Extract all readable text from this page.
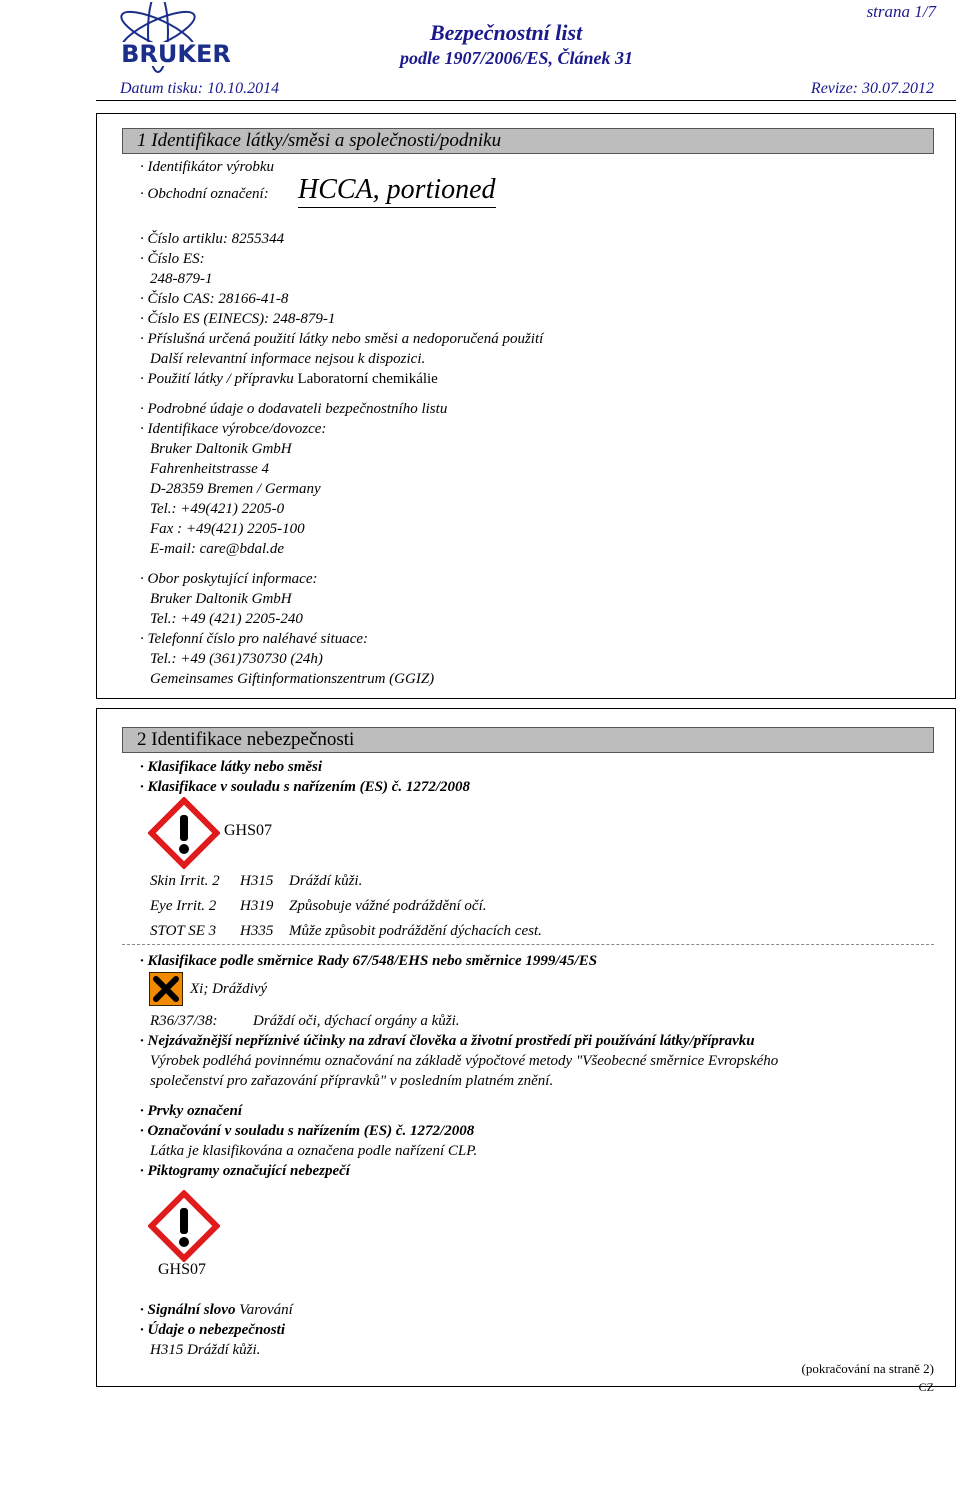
BRUKER
Bezpečnostní list
podle 1907/2006/ES, Článek 31
strana 1/7
Datum tisku: 10.10.2014	Revize: 30.07.2012
1 Identifikace látky/směsi a společnosti/podniku
· Identifikátor výrobku
· Obchodní označení: HCCA, portioned
· Číslo artiklu: 8255344
· Číslo ES:
248-879-1
· Číslo CAS: 28166-41-8
· Číslo ES (EINECS): 248-879-1
· Příslušná určená použití látky nebo směsi a nedoporučená použití
Další relevantní informace nejsou k dispozici.
· Použití látky / přípravku Laboratorní chemikálie
· Podrobné údaje o dodavateli bezpečnostního listu
· Identifikace výrobce/dovozce:
Bruker Daltonik GmbH
Fahrenheitstrasse 4
D-28359 Bremen / Germany
Tel.: +49(421) 2205-0
Fax : +49(421) 2205-100
E-mail: care@bdal.de
· Obor poskytující informace:
Bruker Daltonik GmbH
Tel.: +49 (421) 2205-240
· Telefonní číslo pro naléhavé situace:
Tel.: +49 (361)730730 (24h)
Gemeinsames Giftinformationszentrum (GGIZ)
2 Identifikace nebezpečnosti
· Klasifikace látky nebo směsi
· Klasifikace v souladu s nařízením (ES) č. 1272/2008
GHS07
Skin Irrit. 2 H315 Dráždí kůži.
Eye Irrit. 2 H319 Způsobuje vážné podráždění očí.
STOT SE 3 H335 Může způsobit podráždění dýchacích cest.
· Klasifikace podle směrnice Rady 67/548/EHS nebo směrnice 1999/45/ES
Xi; Dráždivý
R36/37/38: Dráždí oči, dýchací orgány a kůži.
· Nejzávažnější nepříznivé účinky na zdraví člověka a životní prostředí při používání látky/přípravku
Výrobek podléhá povinnému označování na základě výpočtové metody "Všeobecné směrnice Evropského
společenství pro zařazování přípravků" v posledním platném znění.
· Prvky označení
· Označování v souladu s nařízením (ES) č. 1272/2008
Látka je klasifikována a označena podle nařízení CLP.
· Piktogramy označující nebezpečí
GHS07
· Signální slovo Varování
· Údaje o nebezpečnosti
H315 Dráždí kůži.
(pokračování na straně 2)
CZ
